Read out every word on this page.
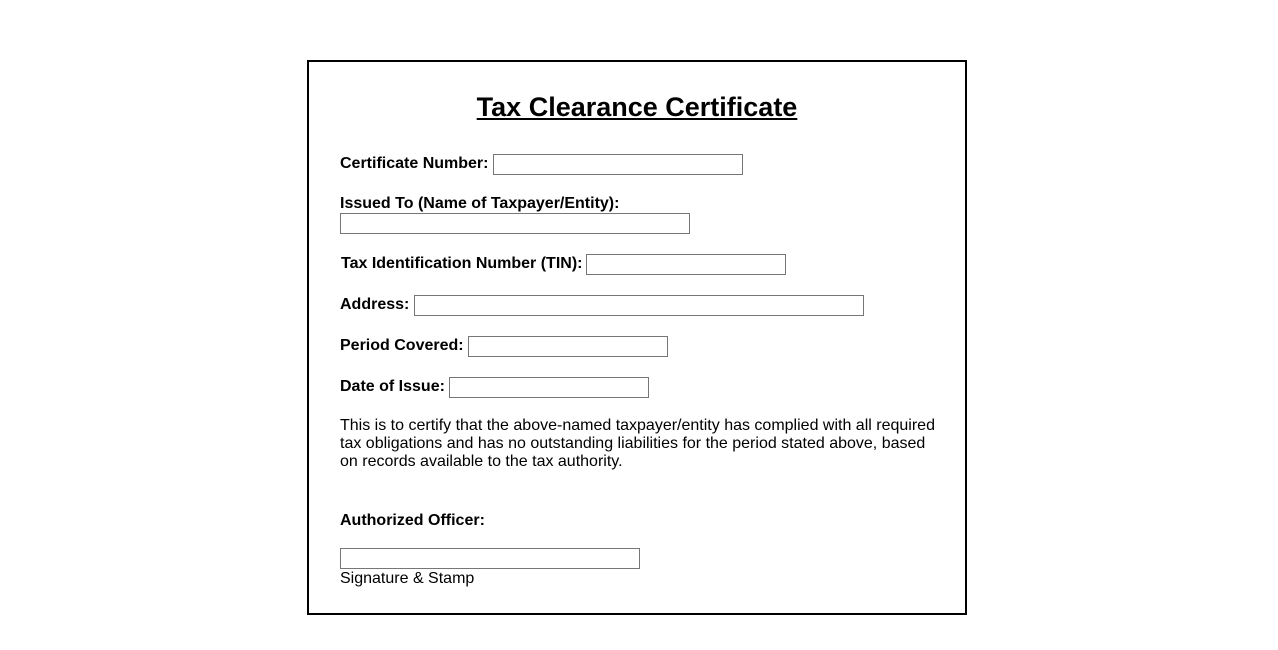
Tax Clearance Certificate
Certificate Number:
Issued To (Name of Taxpayer/Entity):
Tax Identification Number (TIN):
Address:
Period Covered:
Date of Issue:

This is to certify that the above-named taxpayer/entity has complied with all required tax obligations and has no outstanding liabilities for the period stated above, based on records available to the tax authority.

Authorized Officer:
Signature & Stamp
